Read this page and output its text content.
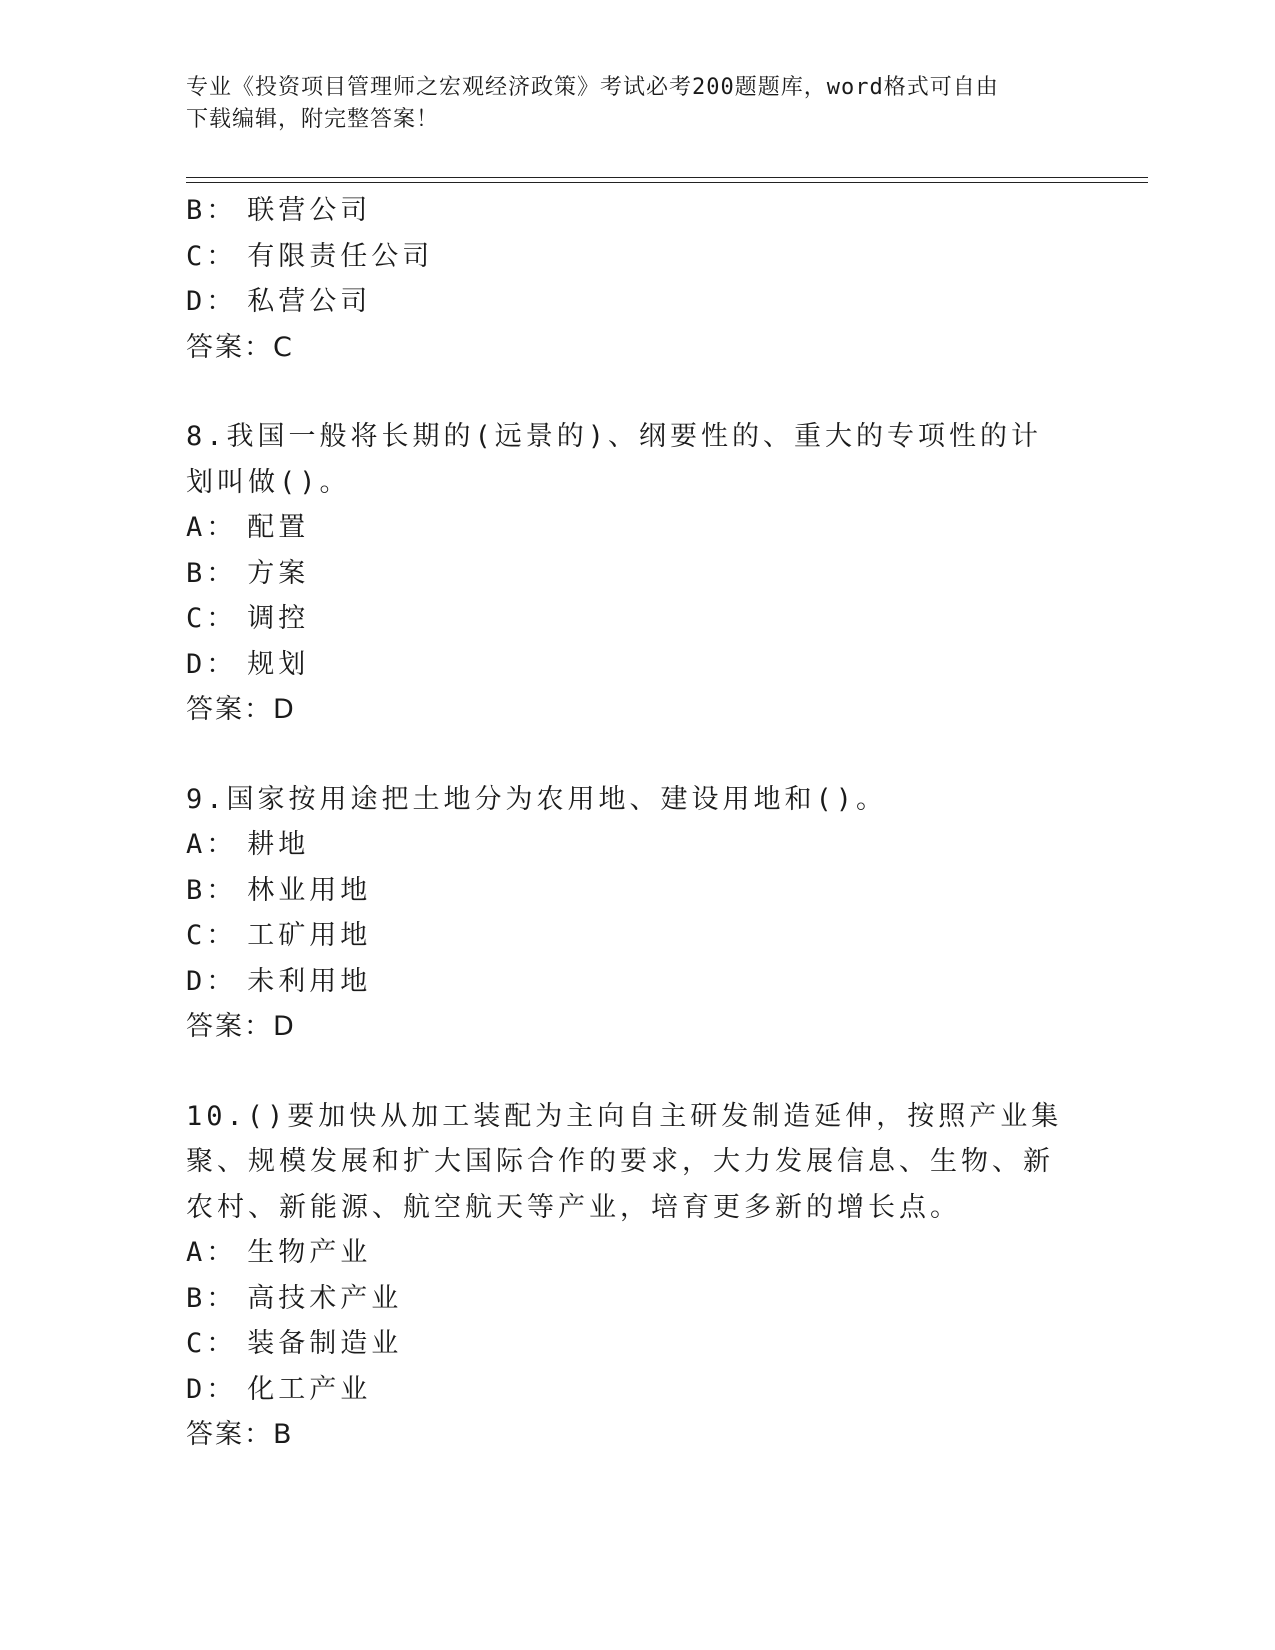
专业《投资项目管理师之宏观经济政策》考试必考200题题库，word格式可自由
下载编辑，附完整答案！
B： 联营公司
C： 有限责任公司
D： 私营公司
答案：C
8.我国一般将长期的(远景的)、纲要性的、重大的专项性的计划叫做()。
A： 配置
B： 方案
C： 调控
D： 规划
答案：D
9.国家按用途把土地分为农用地、建设用地和()。
A： 耕地
B： 林业用地
C： 工矿用地
D： 未利用地
答案：D
10.()要加快从加工装配为主向自主研发制造延伸，按照产业集聚、规模发展和扩大国际合作的要求，大力发展信息、生物、新农村、新能源、航空航天等产业，培育更多新的增长点。
A： 生物产业
B： 高技术产业
C： 装备制造业
D： 化工产业
答案：B
